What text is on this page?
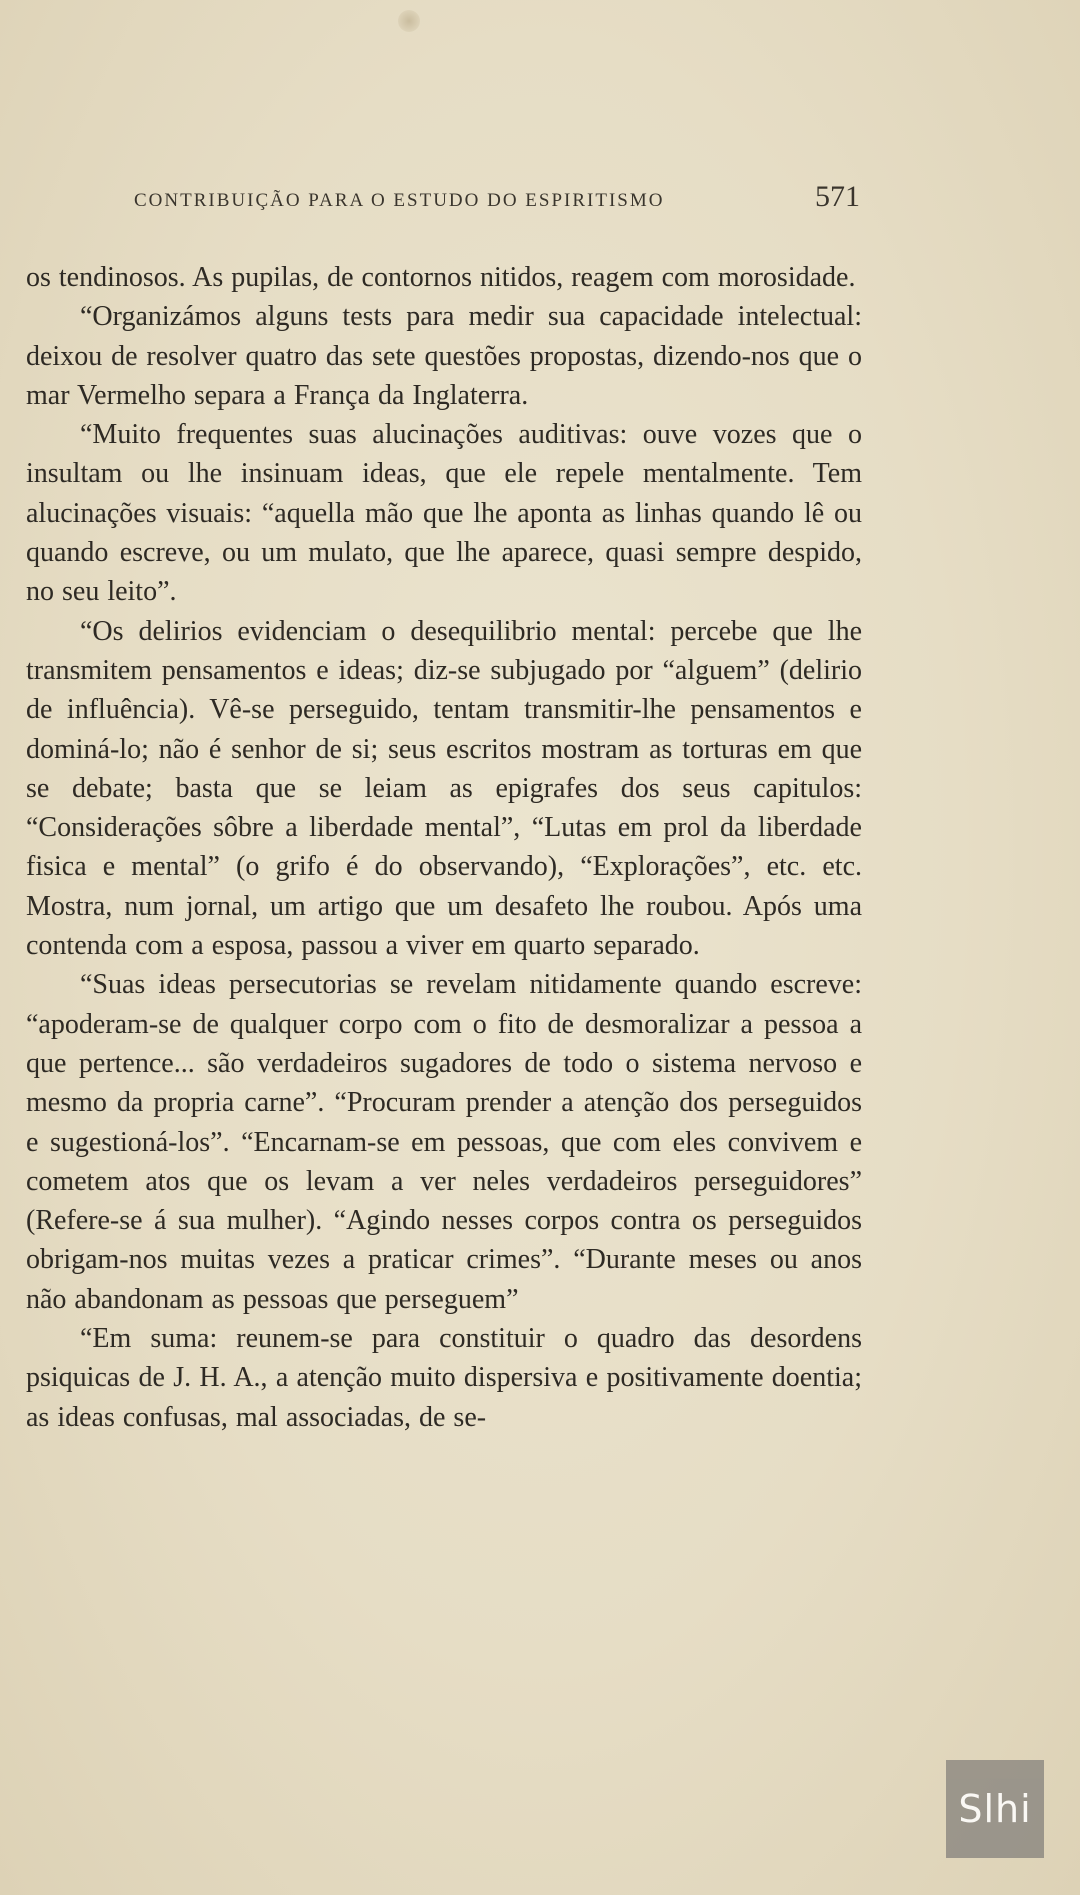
CONTRIBUIÇÃO PARA O ESTUDO DO ESPIRITISMO	571

os tendinosos. As pupilas, de contornos nitidos, reagem com morosidade.

“Organizámos alguns tests para medir sua capacidade intelectual: deixou de resolver quatro das sete questões propostas, dizendo-nos que o mar Vermelho separa a França da Inglaterra.

“Muito frequentes suas alucinações auditivas: ouve vozes que o insultam ou lhe insinuam ideas, que ele repele mentalmente. Tem alucinações visuais: “aquella mão que lhe aponta as linhas quando lê ou quando escreve, ou um mulato, que lhe aparece, quasi sempre despido, no seu leito”.

“Os delirios evidenciam o desequilibrio mental: percebe que lhe transmitem pensamentos e ideas; diz-se subjugado por “alguem” (delirio de influência). Vê-se perseguido, tentam transmitir-lhe pensamentos e dominá-lo; não é senhor de si; seus escritos mostram as torturas em que se debate; basta que se leiam as epigrafes dos seus capitulos: “Considerações sôbre a liberdade mental”, “Lutas em prol da liberdade fisica e mental” (o grifo é do observando), “Explorações”, etc. etc. Mostra, num jornal, um artigo que um desafeto lhe roubou. Após uma contenda com a esposa, passou a viver em quarto separado.

“Suas ideas persecutorias se revelam nitidamente quando escreve: “apoderam-se de qualquer corpo com o fito de desmoralizar a pessoa a que pertence... são verdadeiros sugadores de todo o sistema nervoso e mesmo da propria carne”. “Procuram prender a atenção dos perseguidos e sugestioná-los”. “Encarnam-se em pessoas, que com eles convivem e cometem atos que os levam a ver neles verdadeiros perseguidores” (Refere-se á sua mulher). “Agindo nesses corpos contra os perseguidos obrigam-nos muitas vezes a praticar crimes”. “Durante meses ou anos não abandonam as pessoas que perseguem”

“Em suma: reunem-se para constituir o quadro das desordens psiquicas de J. H. A., a atenção muito dispersiva e positivamente doentia; as ideas confusas, mal associadas, de se-

Slhi
